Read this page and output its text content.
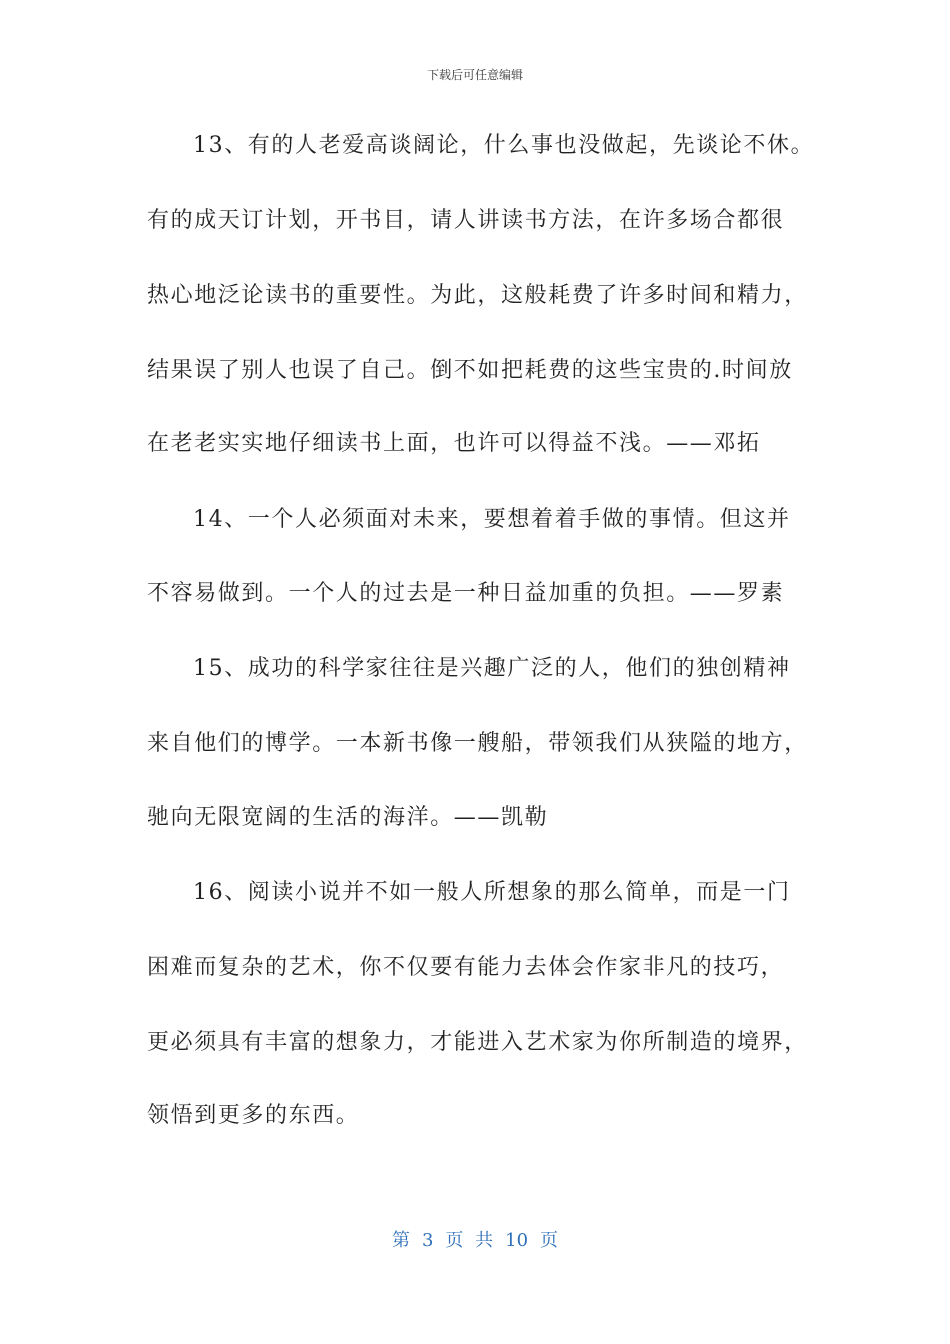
下载后可任意编辑
13、有的人老爱高谈阔论，什么事也没做起，先谈论不休。
有的成天订计划，开书目，请人讲读书方法，在许多场合都很
热心地泛论读书的重要性。为此，这般耗费了许多时间和精力，
结果误了别人也误了自己。倒不如把耗费的这些宝贵的.时间放
在老老实实地仔细读书上面，也许可以得益不浅。——邓拓
14、一个人必须面对未来，要想着着手做的事情。但这并
不容易做到。一个人的过去是一种日益加重的负担。——罗素
15、成功的科学家往往是兴趣广泛的人，他们的独创精神
来自他们的博学。一本新书像一艘船，带领我们从狭隘的地方，
驰向无限宽阔的生活的海洋。——凯勒
16、阅读小说并不如一般人所想象的那么简单，而是一门
困难而复杂的艺术，你不仅要有能力去体会作家非凡的技巧，
更必须具有丰富的想象力，才能进入艺术家为你所制造的境界，
领悟到更多的东西。
第 3 页 共 10 页
